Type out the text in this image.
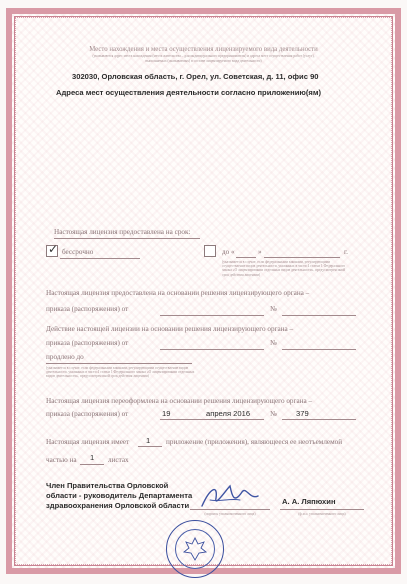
Место нахождения и места осуществления лицензируемого вида деятельности

(указываются адрес места нахождения (места жительства – для индивидуального предпринимателя) и адреса мест осуществления работ (услуг),

выполняемых (оказываемых) в составе лицензируемого вида деятельности)

302030, Орловская область, г. Орел, ул. Советская, д. 11, офис 90

Адреса мест осуществления деятельности согласно приложению(ям)

Настоящая лицензия предоставлена на срок:

✓ бессрочно	до «	»	г.

(указывается в случае, если федеральными законами, регулирующими осуществление видов деятельности, указанных в части 4 статьи 1 Федерального закона «О лицензировании отдельных видов деятельности», предусмотрен иной срок действия лицензии)

Настоящая лицензия предоставлена на основании решения лицензирующего органа –

приказа (распоряжения) от	№

Действие настоящей лицензии на основании решения лицензирующего органа –

приказа (распоряжения) от	№

продлено до

(указывается в случае, если федеральными законами, регулирующими осуществление видов деятельности, указанных в части 4 статьи 1 Федерального закона «О лицензировании отдельных видов деятельности», предусмотрен иной срок действия лицензии)

Настоящая лицензия переоформлена на основании решения лицензирующего органа –

приказа (распоряжения) от	19	апреля 2016	№	379

Настоящая лицензия имеет 1 приложение (приложения), являющееся ее неотъемлемой

частью на 1 листах

Член Правительства Орловской

области - руководитель Департамента

здравоохранения Орловской области

(подпись уполномоченного лица)

А. А. Ляпюхин

(ф.и.о. уполномоченного лица)
